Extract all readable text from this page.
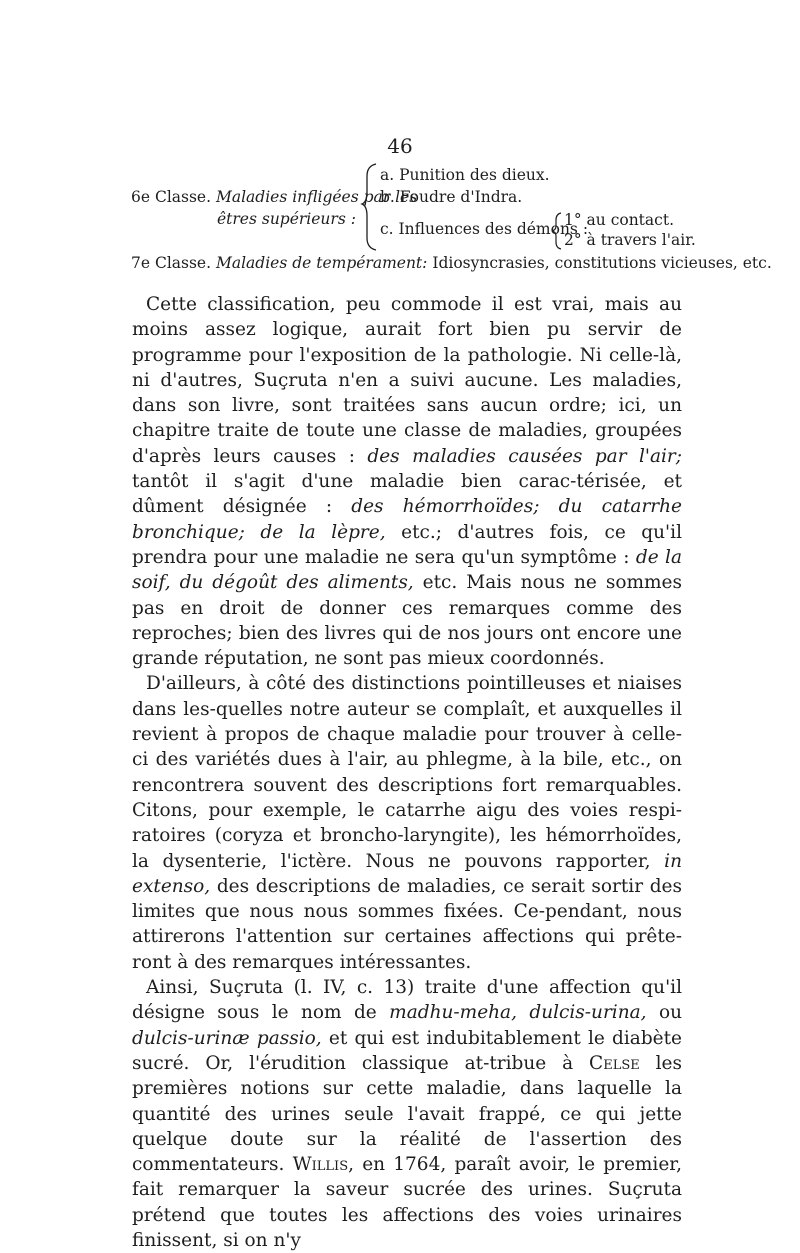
46
6e Classe. Maladies infligées par les
êtres supérieurs :
a. Punition des dieux.
b. Foudre d'Indra.
c. Influences des démons :
1° au contact.
2° à travers l'air.
7e Classe. Maladies de tempérament: Idiosyncrasies, constitutions vicieuses, etc.

Cette classification, peu commode il est vrai, mais au moins assez logique, aurait fort bien pu servir de programme pour l'exposition de la pathologie. Ni celle-là, ni d'autres, Suçruta n'en a suivi aucune. Les maladies, dans son livre, sont traitées sans aucun ordre; ici, un chapitre traite de toute une classe de maladies, groupées d'après leurs causes : des maladies causées par l'air; tantôt il s'agit d'une maladie bien carac-térisée, et dûment désignée : des hémorrhoïdes; du catarrhe bronchique; de la lèpre, etc.; d'autres fois, ce qu'il prendra pour une maladie ne sera qu'un symptôme : de la soif, du dégoût des aliments, etc. Mais nous ne sommes pas en droit de donner ces remarques comme des reproches; bien des livres qui de nos jours ont encore une grande réputation, ne sont pas mieux coordonnés.

D'ailleurs, à côté des distinctions pointilleuses et niaises dans les-quelles notre auteur se complaît, et auxquelles il revient à propos de chaque maladie pour trouver à celle-ci des variétés dues à l'air, au phlegme, à la bile, etc., on rencontrera souvent des descriptions fort remarquables. Citons, pour exemple, le catarrhe aigu des voies respi-ratoires (coryza et broncho-laryngite), les hémorrhoïdes, la dysenterie, l'ictère. Nous ne pouvons rapporter, in extenso, des descriptions de maladies, ce serait sortir des limites que nous nous sommes fixées. Ce-pendant, nous attirerons l'attention sur certaines affections qui prête-ront à des remarques intéressantes.

Ainsi, Suçruta (l. IV, c. 13) traite d'une affection qu'il désigne sous le nom de madhu-meha, dulcis-urina, ou dulcis-urinæ passio, et qui est indubitablement le diabète sucré. Or, l'érudition classique at-tribue à Celse les premières notions sur cette maladie, dans laquelle la quantité des urines seule l'avait frappé, ce qui jette quelque doute sur la réalité de l'assertion des commentateurs. Willis, en 1764, paraît avoir, le premier, fait remarquer la saveur sucrée des urines. Suçruta prétend que toutes les affections des voies urinaires finissent, si on n'y
